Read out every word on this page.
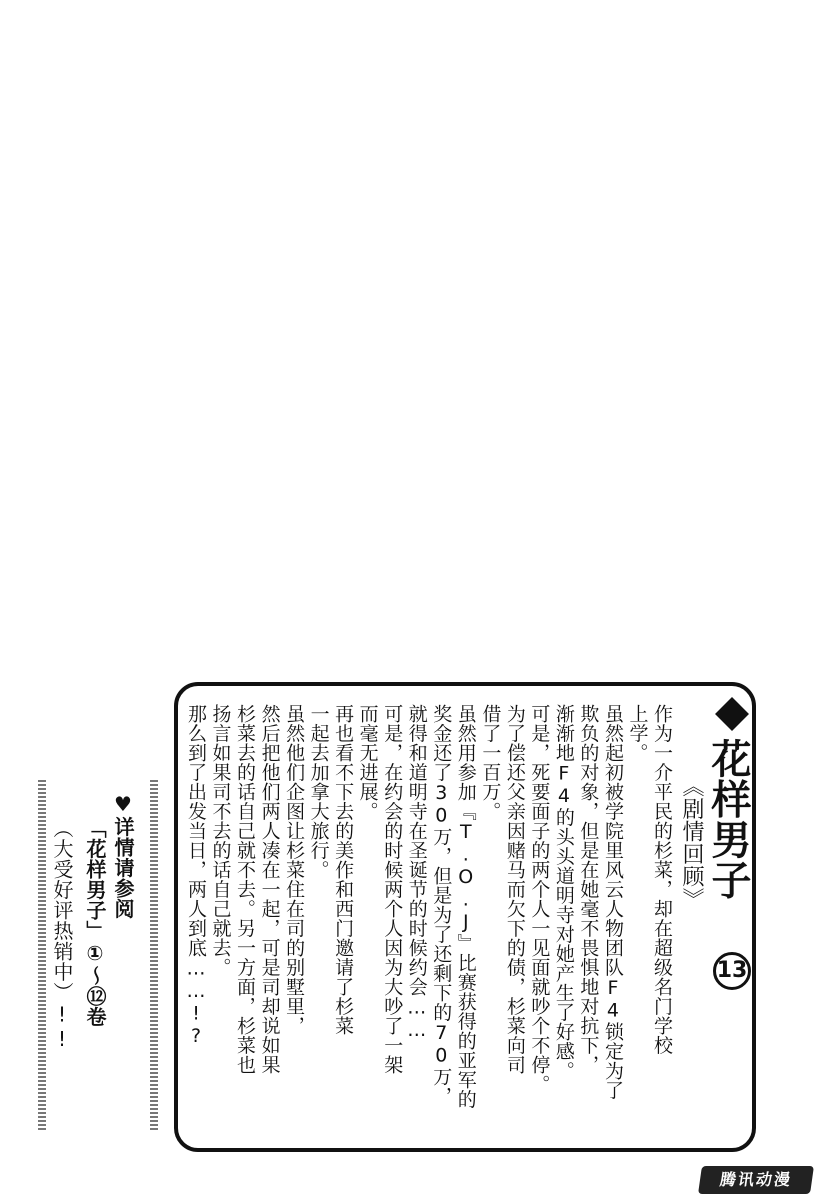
花样男子
13
《剧情回顾》
作为一介平民的杉菜，却在超级名门学校
上学。
虽然起初被学院里风云人物团队F4锁定为了
欺负的对象，但是在她毫不畏惧地对抗下，
渐渐地F4的头头道明寺对她产生了好感。
可是，死要面子的两个人一见面就吵个不停。
为了偿还父亲因赌马而欠下的债，杉菜向司
借了一百万。
虽然用参加『T.O.J』比赛获得的亚军的
奖金还了30万，但是为了还剩下的70万，
就得和道明寺在圣诞节的时候约会……
可是，在约会的时候两个人因为大吵了一架
而毫无进展。
再也看不下去的美作和西门邀请了杉菜
一起去加拿大旅行。
虽然他们企图让杉菜住在司的别墅里，
然后把他们两人凑在一起，可是司却说如果
杉菜去的话自己就不去。另一方面，杉菜也
扬言如果司不去的话自己就去。
♥详情请参阅
「花样男子」①～⑫卷
（大受好评热销中）!!
腾讯动漫
那么到了出发当日，两人到底……!?
